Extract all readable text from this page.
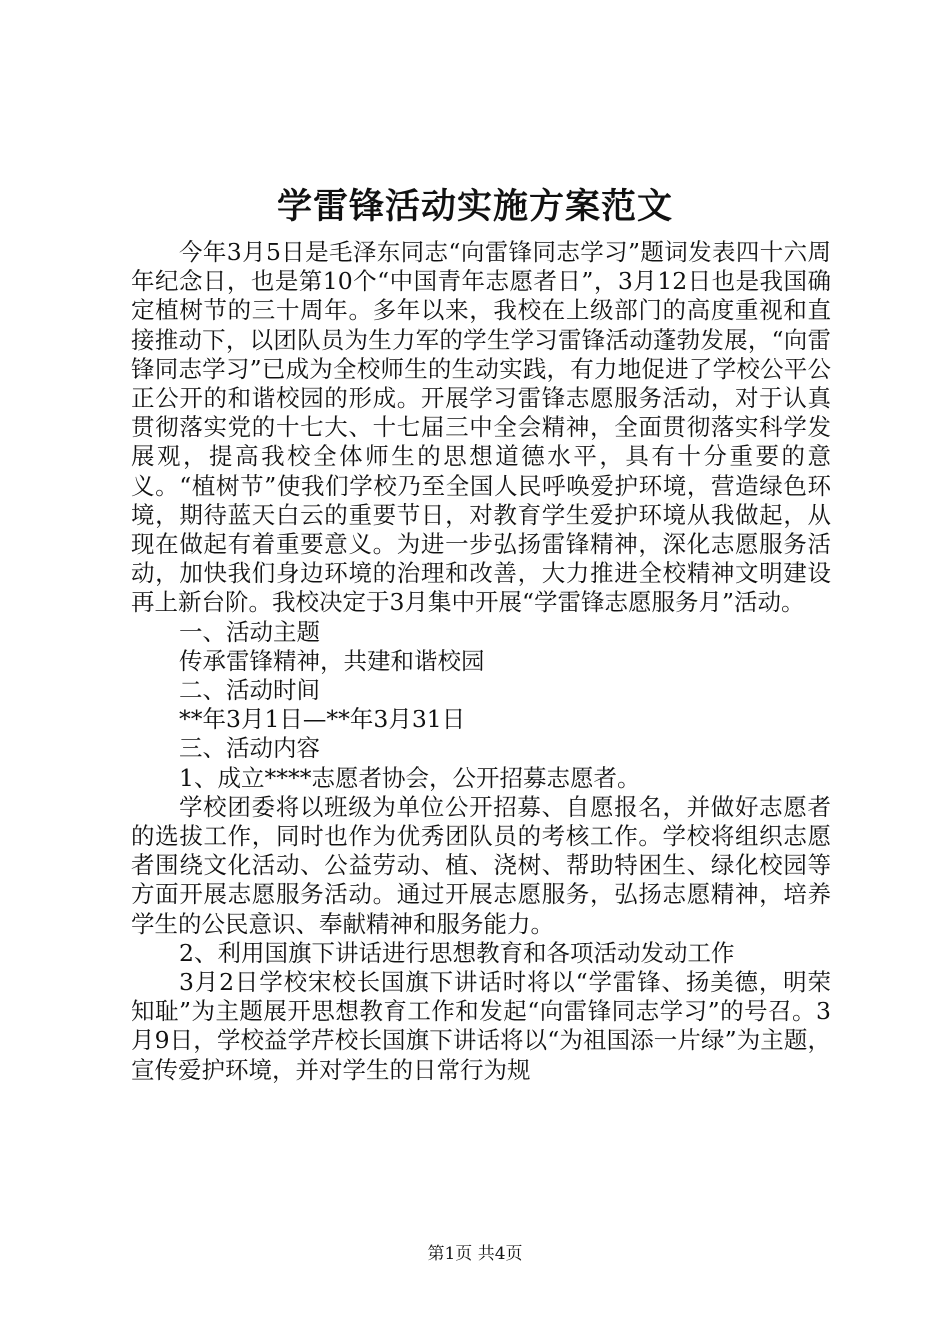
学雷锋活动实施方案范文

今年3月5日是毛泽东同志“向雷锋同志学习”题词发表四十六周年纪念日，也是第10个“中国青年志愿者日”，3月12日也是我国确定植树节的三十周年。多年以来，我校在上级部门的高度重视和直接推动下，以团队员为生力军的学生学习雷锋活动蓬勃发展，“向雷锋同志学习”已成为全校师生的生动实践，有力地促进了学校公平公正公开的和谐校园的形成。开展学习雷锋志愿服务活动，对于认真贯彻落实党的十七大、十七届三中全会精神，全面贯彻落实科学发展观，提高我校全体师生的思想道德水平，具有十分重要的意义。“植树节”使我们学校乃至全国人民呼唤爱护环境，营造绿色环境，期待蓝天白云的重要节日，对教育学生爱护环境从我做起，从现在做起有着重要意义。为进一步弘扬雷锋精神，深化志愿服务活动，加快我们身边环境的治理和改善，大力推进全校精神文明建设再上新台阶。我校决定于3月集中开展“学雷锋志愿服务月”活动。

一、活动主题

传承雷锋精神，共建和谐校园

二、活动时间

**年3月1日—**年3月31日

三、活动内容

1、成立****志愿者协会，公开招募志愿者。

学校团委将以班级为单位公开招募、自愿报名，并做好志愿者的选拔工作，同时也作为优秀团队员的考核工作。学校将组织志愿者围绕文化活动、公益劳动、植、浇树、帮助特困生、绿化校园等方面开展志愿服务活动。通过开展志愿服务，弘扬志愿精神，培养学生的公民意识、奉献精神和服务能力。

2、利用国旗下讲话进行思想教育和各项活动发动工作

3月2日学校宋校长国旗下讲话时将以“学雷锋、扬美德，明荣知耻”为主题展开思想教育工作和发起“向雷锋同志学习”的号召。3月9日，学校益学芹校长国旗下讲话将以“为祖国添一片绿”为主题，宣传爱护环境，并对学生的日常行为规

第1页 共4页
